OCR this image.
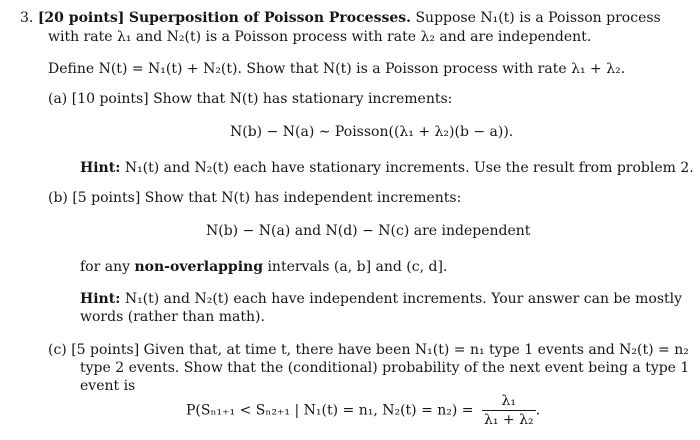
3. [20 points] Superposition of Poisson Processes. Suppose N₁(t) is a Poisson process
with rate λ₁ and N₂(t) is a Poisson process with rate λ₂ and are independent.
Define N(t) = N₁(t) + N₂(t). Show that N(t) is a Poisson process with rate λ₁ + λ₂.
(a) [10 points] Show that N(t) has stationary increments:
N(b) − N(a) ∼ Poisson((λ₁ + λ₂)(b − a)).
Hint: N₁(t) and N₂(t) each have stationary increments. Use the result from problem 2.
(b) [5 points] Show that N(t) has independent increments:
N(b) − N(a) and N(d) − N(c) are independent
for any non-overlapping intervals (a, b] and (c, d].
Hint: N₁(t) and N₂(t) each have independent increments. Your answer can be mostly
words (rather than math).
(c) [5 points] Given that, at time t, there have been N₁(t) = n₁ type 1 events and N₂(t) = n₂
type 2 events. Show that the (conditional) probability of the next event being a type 1
event is
P(Sₙ₁₊₁ < Sₙ₂₊₁ | N₁(t) = n₁, $N_2(t) = n_2) = \frac{\text{λ₁}}{\text{λ₁ + λ₂}}$ .
